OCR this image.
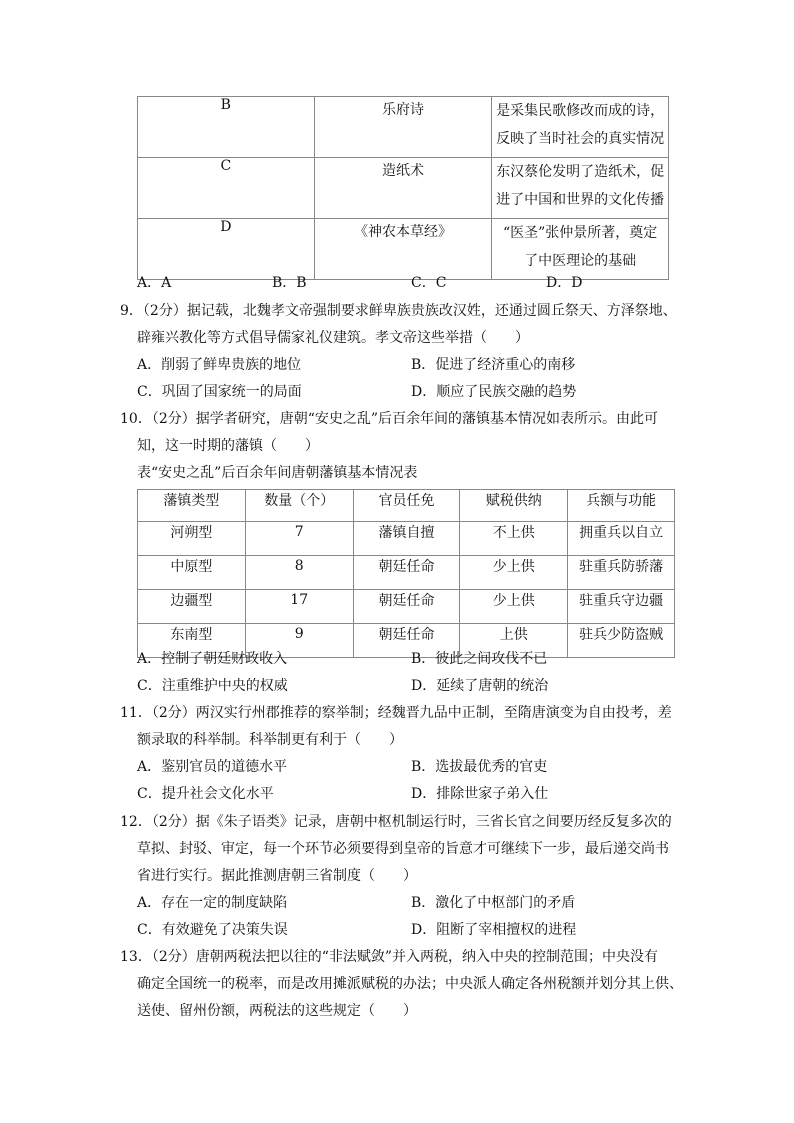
B	乐府诗	是采集民歌修改而成的诗，
反映了当时社会的真实情况

C	造纸术	东汉蔡伦发明了造纸术，促
进了中国和世界的文化传播

D	《神农本草经》	“医圣”张仲景所著，奠定
了中医理论的基础
A．A	B．B	C．C	D．D
9．（2分）据记载，北魏孝文帝强制要求鲜卑族贵族改汉姓，还通过圆丘祭天、方泽祭地、
辟雍兴教化等方式倡导儒家礼仪建筑。孝文帝这些举措（　　）
A．削弱了鲜卑贵族的地位	B．促进了经济重心的南移
C．巩固了国家统一的局面	D．顺应了民族交融的趋势
10．（2分）据学者研究，唐朝“安史之乱”后百余年间的藩镇基本情况如表所示。由此可
知，这一时期的藩镇（　　）
表“安史之乱”后百余年间唐朝藩镇基本情况表
藩镇类型	数量（个）	官员任免	赋税供纳	兵额与功能
河朔型	7	藩镇自擅	不上供	拥重兵以自立
中原型	8	朝廷任命	少上供	驻重兵防骄藩
边疆型	17	朝廷任命	少上供	驻重兵守边疆
东南型	9	朝廷任命	上供	驻兵少防盗贼
A．控制了朝廷财政收入	B．彼此之间攻伐不已
C．注重维护中央的权威	D．延续了唐朝的统治
11．（2分）两汉实行州郡推荐的察举制；经魏晋九品中正制，至隋唐演变为自由投考，差
额录取的科举制。科举制更有利于（　　）
A．鉴别官员的道德水平	B．选拔最优秀的官吏
C．提升社会文化水平	D．排除世家子弟入仕
12．（2分）据《朱子语类》记录，唐朝中枢机制运行时，三省长官之间要历经反复多次的
草拟、封驳、审定，每一个环节必须要得到皇帝的旨意才可继续下一步，最后递交尚书
省进行实行。据此推测唐朝三省制度（　　）
A．存在一定的制度缺陷	B．激化了中枢部门的矛盾
C．有效避免了决策失误	D．阻断了宰相擅权的进程
13．（2分）唐朝两税法把以往的“非法赋敛”并入两税，纳入中央的控制范围；中央没有
确定全国统一的税率，而是改用摊派赋税的办法；中央派人确定各州税额并划分其上供、
送使、留州份额，两税法的这些规定（　　）
